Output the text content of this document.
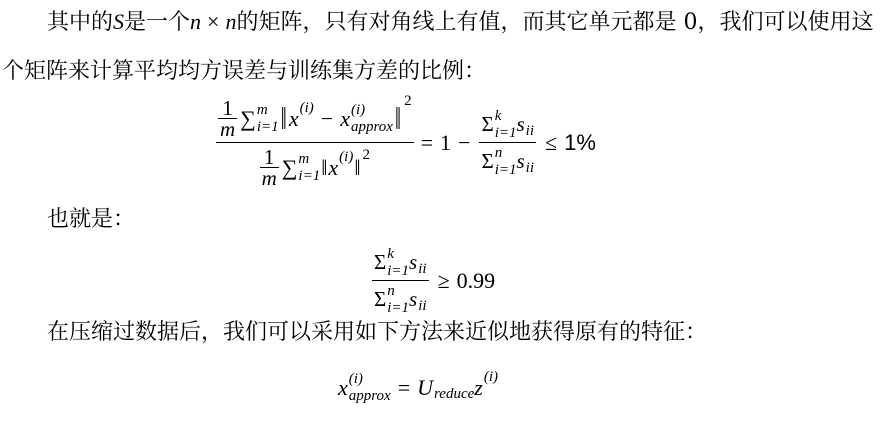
其中的S是一个n × n的矩阵，只有对角线上有值，而其它单元都是 0，我们可以使用这
个矩阵来计算平均均方误差与训练集方差的比例：
$\frac{1}{m}$ ∑ m
i=1 ‖ x (i) − x (i)
approx ‖ 2
$\frac{1}{m}$ ∑ m
i=1 ‖ x (i) ‖ 2 = 1 −
Σ k
i=1 s ii
Σ n
i=1 s ii
≤ 1%
也就是：
Σ k
i=1 s ii
Σ n
i=1 s ii
≥ 0.99
在压缩过数据后，我们可以采用如下方法来近似地获得原有的特征：
x (i)
approx = U reduce z (i)
